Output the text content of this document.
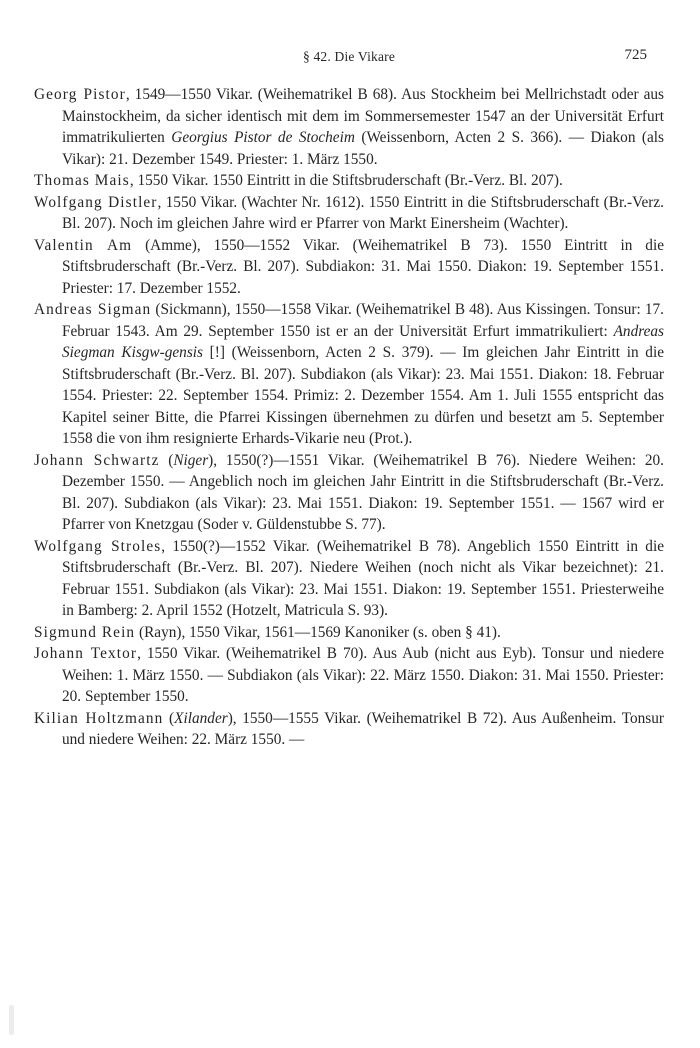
§ 42. Die Vikare	725

Georg Pistor, 1549—1550 Vikar. (Weihematrikel B 68). Aus Stockheim bei Mellrichstadt oder aus Mainstockheim, da sicher identisch mit dem im Sommersemester 1547 an der Universität Erfurt immatrikulierten Georgius Pistor de Stocheim (Weissenborn, Acten 2 S. 366). — Diakon (als Vikar): 21. Dezember 1549. Priester: 1. März 1550.

Thomas Mais, 1550 Vikar. 1550 Eintritt in die Stiftsbruderschaft (Br.-Verz. Bl. 207).

Wolfgang Distler, 1550 Vikar. (Wachter Nr. 1612). 1550 Eintritt in die Stiftsbruderschaft (Br.-Verz. Bl. 207). Noch im gleichen Jahre wird er Pfarrer von Markt Einersheim (Wachter).

Valentin Am (Amme), 1550—1552 Vikar. (Weihematrikel B 73). 1550 Eintritt in die Stiftsbruderschaft (Br.-Verz. Bl. 207). Subdiakon: 31. Mai 1550. Diakon: 19. September 1551. Priester: 17. Dezember 1552.

Andreas Sigman (Sickmann), 1550—1558 Vikar. (Weihematrikel B 48). Aus Kissingen. Tonsur: 17. Februar 1543. Am 29. September 1550 ist er an der Universität Erfurt immatrikuliert: Andreas Siegman Kisgw-gensis [!] (Weissenborn, Acten 2 S. 379). — Im gleichen Jahr Eintritt in die Stiftsbruderschaft (Br.-Verz. Bl. 207). Subdiakon (als Vikar): 23. Mai 1551. Diakon: 18. Februar 1554. Priester: 22. September 1554. Primiz: 2. Dezember 1554. Am 1. Juli 1555 entspricht das Kapitel seiner Bitte, die Pfarrei Kissingen übernehmen zu dürfen und besetzt am 5. September 1558 die von ihm resignierte Erhards-Vikarie neu (Prot.).

Johann Schwartz (Niger), 1550(?)—1551 Vikar. (Weihematrikel B 76). Niedere Weihen: 20. Dezember 1550. — Angeblich noch im gleichen Jahr Eintritt in die Stiftsbruderschaft (Br.-Verz. Bl. 207). Subdiakon (als Vikar): 23. Mai 1551. Diakon: 19. September 1551. — 1567 wird er Pfarrer von Knetzgau (Soder v. Güldenstubbe S. 77).

Wolfgang Stroles, 1550(?)—1552 Vikar. (Weihematrikel B 78). Angeblich 1550 Eintritt in die Stiftsbruderschaft (Br.-Verz. Bl. 207). Niedere Weihen (noch nicht als Vikar bezeichnet): 21. Februar 1551. Subdiakon (als Vikar): 23. Mai 1551. Diakon: 19. September 1551. Priesterweihe in Bamberg: 2. April 1552 (Hotzelt, Matricula S. 93).

Sigmund Rein (Rayn), 1550 Vikar, 1561—1569 Kanoniker (s. oben § 41).

Johann Textor, 1550 Vikar. (Weihematrikel B 70). Aus Aub (nicht aus Eyb). Tonsur und niedere Weihen: 1. März 1550. — Subdiakon (als Vikar): 22. März 1550. Diakon: 31. Mai 1550. Priester: 20. September 1550.

Kilian Holtzmann (Xilander), 1550—1555 Vikar. (Weihematrikel B 72). Aus Außenheim. Tonsur und niedere Weihen: 22. März 1550. —
